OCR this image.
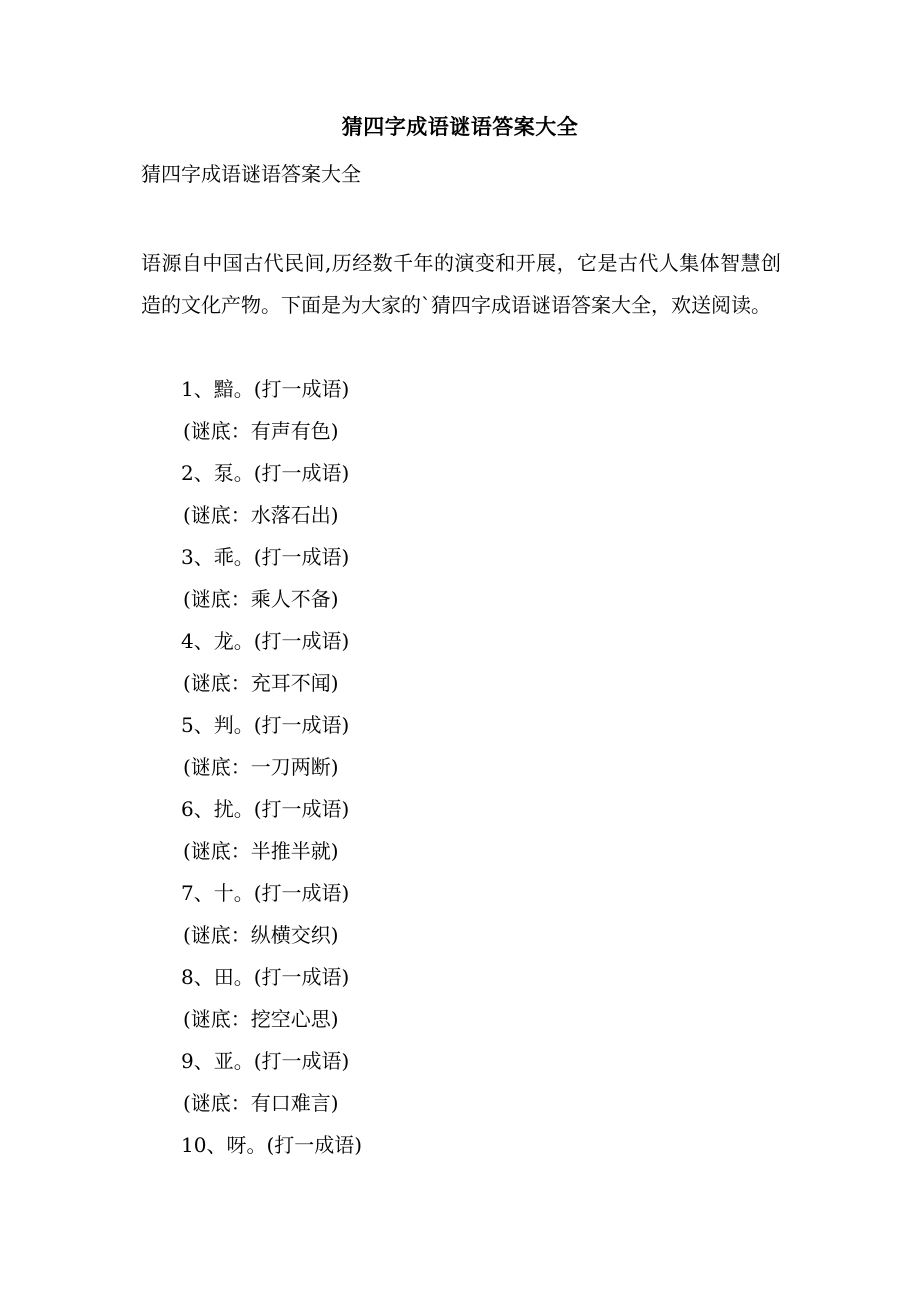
猜四字成语谜语答案大全

猜四字成语谜语答案大全

语源自中国古代民间,历经数千年的演变和开展，它是古代人集体智慧创造的文化产物。下面是为大家的`猜四字成语谜语答案大全，欢送阅读。

1、黯。(打一成语)
(谜底：有声有色)
2、泵。(打一成语)
(谜底：水落石出)
3、乖。(打一成语)
(谜底：乘人不备)
4、龙。(打一成语)
(谜底：充耳不闻)
5、判。(打一成语)
(谜底：一刀两断)
6、扰。(打一成语)
(谜底：半推半就)
7、十。(打一成语)
(谜底：纵横交织)
8、田。(打一成语)
(谜底：挖空心思)
9、亚。(打一成语)
(谜底：有口难言)
10、呀。(打一成语)
